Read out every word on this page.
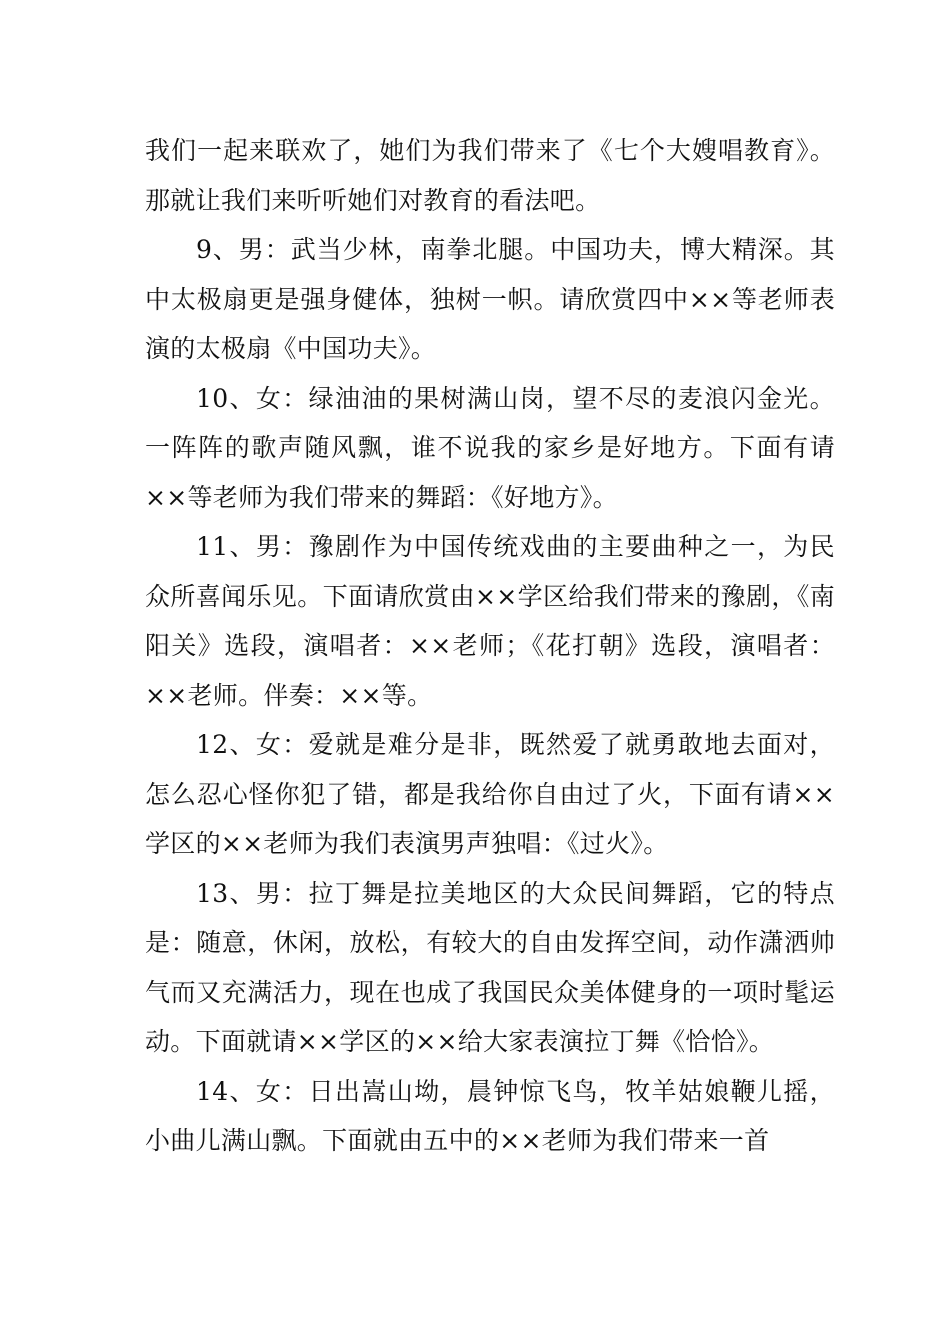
我们一起来联欢了，她们为我们带来了《七个大嫂唱教育》。那就让我们来听听她们对教育的看法吧。

9、男：武当少林，南拳北腿。中国功夫，博大精深。其中太极扇更是强身健体，独树一帜。请欣赏四中××等老师表演的太极扇《中国功夫》。

10、女：绿油油的果树满山岗，望不尽的麦浪闪金光。一阵阵的歌声随风飘，谁不说我的家乡是好地方。下面有请××等老师为我们带来的舞蹈：《好地方》。

11、男：豫剧作为中国传统戏曲的主要曲种之一，为民众所喜闻乐见。下面请欣赏由××学区给我们带来的豫剧，《南阳关》选段，演唱者：××老师；《花打朝》选段，演唱者：××老师。伴奏：××等。

12、女：爱就是难分是非，既然爱了就勇敢地去面对，怎么忍心怪你犯了错，都是我给你自由过了火，下面有请××学区的××老师为我们表演男声独唱：《过火》。

13、男：拉丁舞是拉美地区的大众民间舞蹈，它的特点是：随意，休闲，放松，有较大的自由发挥空间，动作潇洒帅气而又充满活力，现在也成了我国民众美体健身的一项时髦运动。下面就请××学区的××给大家表演拉丁舞《恰恰》。

14、女：日出嵩山坳，晨钟惊飞鸟，牧羊姑娘鞭儿摇，小曲儿满山飘。下面就由五中的××老师为我们带来一首
